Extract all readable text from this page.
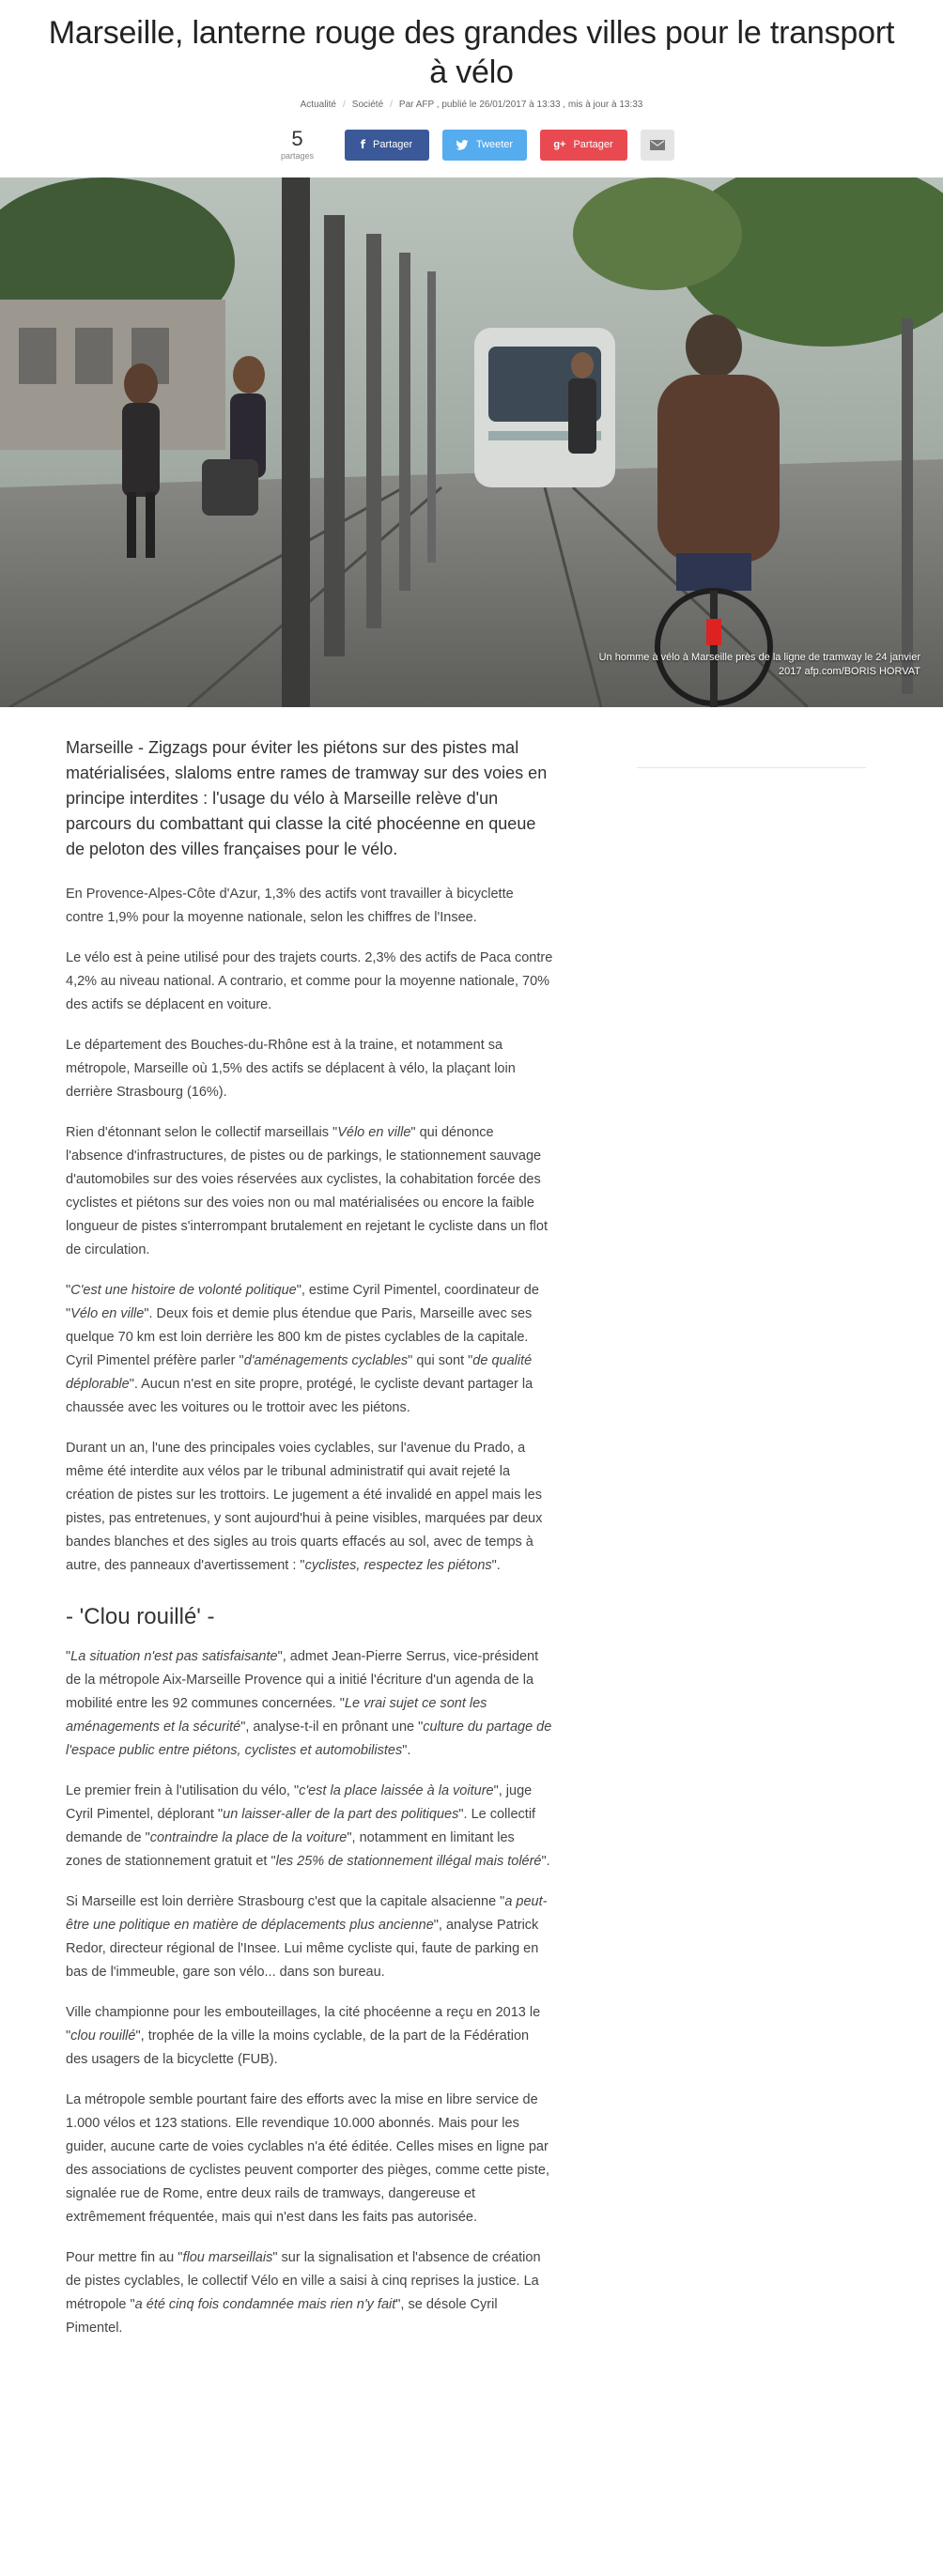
Marseille, lanterne rouge des grandes villes pour le transport à vélo
Actualité / Société / Par AFP , publié le 26/01/2017 à 13:33 , mis à jour à 13:33
5
partages
f Partager	Tweeter	g+ Partager
Un homme à vélo à Marseille près de la ligne de tramway le 24 janvier
2017 afp.com/BORIS HORVAT

Marseille - Zigzags pour éviter les piétons sur des pistes mal matérialisées, slaloms entre rames de tramway sur des voies en principe interdites : l'usage du vélo à Marseille relève d'un parcours du combattant qui classe la cité phocéenne en queue de peloton des villes françaises pour le vélo.

En Provence-Alpes-Côte d'Azur, 1,3% des actifs vont travailler à bicyclette contre 1,9% pour la moyenne nationale, selon les chiffres de l'Insee.

Le vélo est à peine utilisé pour des trajets courts. 2,3% des actifs de Paca contre 4,2% au niveau national. A contrario, et comme pour la moyenne nationale, 70% des actifs se déplacent en voiture.

Le département des Bouches-du-Rhône est à la traine, et notamment sa métropole, Marseille où 1,5% des actifs se déplacent à vélo, la plaçant loin derrière Strasbourg (16%).

Rien d'étonnant selon le collectif marseillais "Vélo en ville" qui dénonce l'absence d'infrastructures, de pistes ou de parkings, le stationnement sauvage d'automobiles sur des voies réservées aux cyclistes, la cohabitation forcée des cyclistes et piétons sur des voies non ou mal matérialisées ou encore la faible longueur de pistes s'interrompant brutalement en rejetant le cycliste dans un flot de circulation.

"C'est une histoire de volonté politique", estime Cyril Pimentel, coordinateur de "Vélo en ville". Deux fois et demie plus étendue que Paris, Marseille avec ses quelque 70 km est loin derrière les 800 km de pistes cyclables de la capitale. Cyril Pimentel préfère parler "d'aménagements cyclables" qui sont "de qualité déplorable". Aucun n'est en site propre, protégé, le cycliste devant partager la chaussée avec les voitures ou le trottoir avec les piétons.

Durant un an, l'une des principales voies cyclables, sur l'avenue du Prado, a même été interdite aux vélos par le tribunal administratif qui avait rejeté la création de pistes sur les trottoirs. Le jugement a été invalidé en appel mais les pistes, pas entretenues, y sont aujourd'hui à peine visibles, marquées par deux bandes blanches et des sigles au trois quarts effacés au sol, avec de temps à autre, des panneaux d'avertissement : "cyclistes, respectez les piétons".

- 'Clou rouillé' -

"La situation n'est pas satisfaisante", admet Jean-Pierre Serrus, vice-président de la métropole Aix-Marseille Provence qui a initié l'écriture d'un agenda de la mobilité entre les 92 communes concernées. "Le vrai sujet ce sont les aménagements et la sécurité", analyse-t-il en prônant une "culture du partage de l'espace public entre piétons, cyclistes et automobilistes".

Le premier frein à l'utilisation du vélo, "c'est la place laissée à la voiture", juge Cyril Pimentel, déplorant "un laisser-aller de la part des politiques". Le collectif demande de "contraindre la place de la voiture", notamment en limitant les zones de stationnement gratuit et "les 25% de stationnement illégal mais toléré".

Si Marseille est loin derrière Strasbourg c'est que la capitale alsacienne "a peut-être une politique en matière de déplacements plus ancienne", analyse Patrick Redor, directeur régional de l'Insee. Lui même cycliste qui, faute de parking en bas de l'immeuble, gare son vélo... dans son bureau.

Ville championne pour les embouteillages, la cité phocéenne a reçu en 2013 le "clou rouillé", trophée de la ville la moins cyclable, de la part de la Fédération des usagers de la bicyclette (FUB).

La métropole semble pourtant faire des efforts avec la mise en libre service de 1.000 vélos et 123 stations. Elle revendique 10.000 abonnés. Mais pour les guider, aucune carte de voies cyclables n'a été éditée. Celles mises en ligne par des associations de cyclistes peuvent comporter des pièges, comme cette piste, signalée rue de Rome, entre deux rails de tramways, dangereuse et extrêmement fréquentée, mais qui n'est dans les faits pas autorisée.

Pour mettre fin au "flou marseillais" sur la signalisation et l'absence de création de pistes cyclables, le collectif Vélo en ville a saisi à cinq reprises la justice. La métropole "a été cinq fois condamnée mais rien n'y fait", se désole Cyril Pimentel.
